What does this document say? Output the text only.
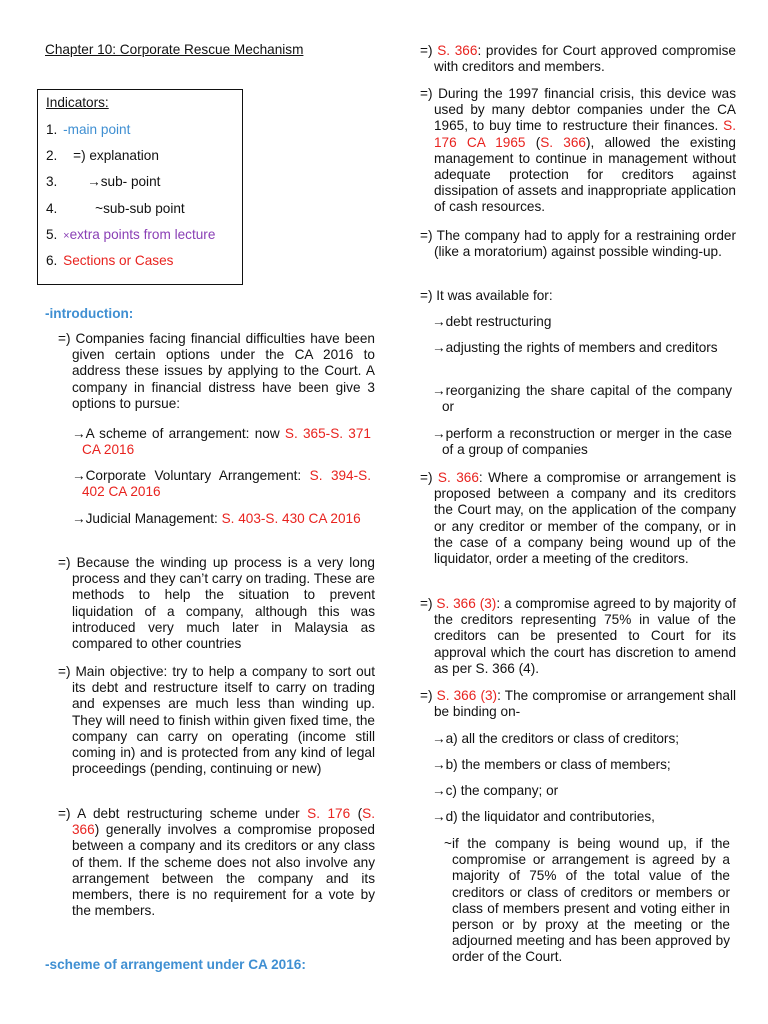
Chapter 10: Corporate Rescue Mechanism
Indicators:
1. -main point
2. =) explanation
3. →sub- point
4.	~sub-sub point
5. ×extra points from lecture
6. Sections or Cases
-introduction:
=) Companies facing financial difficulties have been given certain options under the CA 2016 to address these issues by applying to the Court. A company in financial distress have been give 3 options to pursue:
→A scheme of arrangement: now S. 365-S. 371 CA 2016
→Corporate Voluntary Arrangement: S. 394-S. 402 CA 2016
→Judicial Management: S. 403-S. 430 CA 2016
=) Because the winding up process is a very long process and they can’t carry on trading. These are methods to help the situation to prevent liquidation of a company, although this was introduced very much later in Malaysia as compared to other countries
=) Main objective: try to help a company to sort out its debt and restructure itself to carry on trading and expenses are much less than winding up. They will need to finish within given fixed time, the company can carry on operating (income still coming in) and is protected from any kind of legal proceedings (pending, continuing or new)
=) A debt restructuring scheme under S. 176 (S. 366) generally involves a compromise proposed between a company and its creditors or any class of them. If the scheme does not also involve any arrangement between the company and its members, there is no requirement for a vote by the members.
-scheme of arrangement under CA 2016:
=) S. 366: provides for Court approved compromise with creditors and members.
=) During the 1997 financial crisis, this device was used by many debtor companies under the CA 1965, to buy time to restructure their finances. S. 176 CA 1965 (S. 366), allowed the existing management to continue in management without adequate protection for creditors against dissipation of assets and inappropriate application of cash resources.
=) The company had to apply for a restraining order (like a moratorium) against possible winding-up.
=) It was available for:
→debt restructuring
→adjusting the rights of members and creditors
→reorganizing the share capital of the company or
→perform a reconstruction or merger in the case of a group of companies
=) S. 366: Where a compromise or arrangement is proposed between a company and its creditors the Court may, on the application of the company or any creditor or member of the company, or in the case of a company being wound up of the liquidator, order a meeting of the creditors.
=) S. 366 (3): a compromise agreed to by majority of the creditors representing 75% in value of the creditors can be presented to Court for its approval which the court has discretion to amend as per S. 366 (4).
=) S. 366 (3): The compromise or arrangement shall be binding on-
→a) all the creditors or class of creditors;
→b) the members or class of members;
→c) the company; or
→d) the liquidator and contributories,
~if the company is being wound up, if the compromise or arrangement is agreed by a majority of 75% of the total value of the creditors or class of creditors or members or class of members present and voting either in person or by proxy at the meeting or the adjourned meeting and has been approved by order of the Court.
